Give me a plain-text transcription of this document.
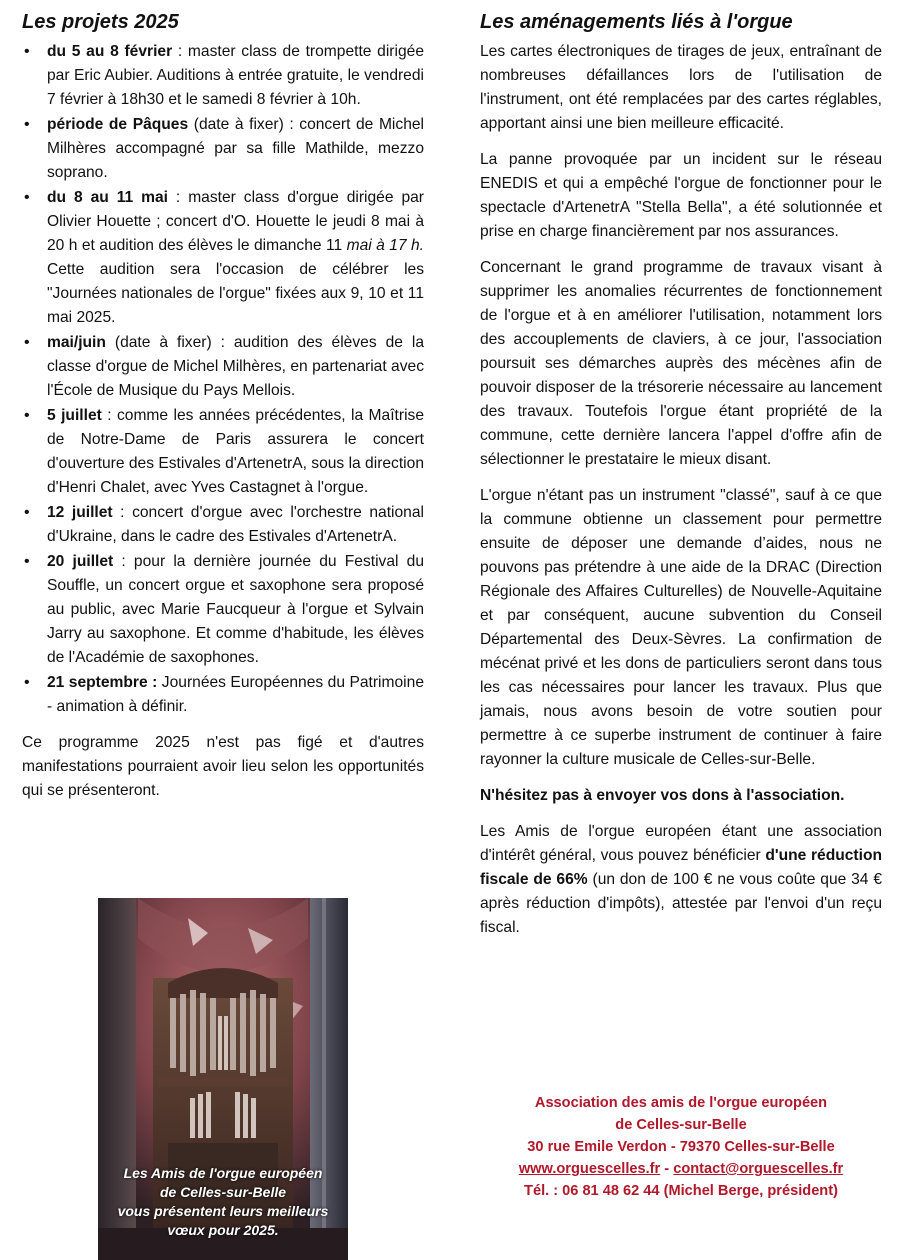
Les projets 2025
• du 5 au 8 février : master class de trompette dirigée par Eric Aubier. Auditions à entrée gratuite, le vendredi 7 février à 18h30 et le samedi 8 février à 10h.
• période de Pâques (date à fixer) : concert de Michel Milhères accompagné par sa fille Mathilde, mezzo soprano.
• du 8 au 11 mai : master class d'orgue dirigée par Olivier Houette ; concert d'O. Houette le jeudi 8 mai à 20 h et audition des élèves le dimanche 11 mai à 17 h. Cette audition sera l'occasion de célébrer les "Journées nationales de l'orgue" fixées aux 9, 10 et 11 mai 2025.
• mai/juin (date à fixer) : audition des élèves de la classe d'orgue de Michel Milhères, en partenariat avec l'École de Musique du Pays Mellois.
• 5 juillet : comme les années précédentes, la Maîtrise de Notre-Dame de Paris assurera le concert d'ouverture des Estivales d'ArtenetrA, sous la direction d'Henri Chalet, avec Yves Castagnet à l'orgue.
• 12 juillet : concert d'orgue avec l'orchestre national d'Ukraine, dans le cadre des Estivales d'ArtenetrA.
• 20 juillet : pour la dernière journée du Festival du Souffle, un concert orgue et saxophone sera proposé au public, avec Marie Faucqueur à l'orgue et Sylvain Jarry au saxophone. Et comme d'habitude, les élèves de l'Académie de saxophones.
• 21 septembre : Journées Européennes du Patrimoine - animation à définir.

Ce programme 2025 n'est pas figé et d'autres manifestations pourraient avoir lieu selon les opportunités qui se présenteront.

Les Amis de l'orgue européen
de Celles-sur-Belle
vous présentent leurs meilleurs
vœux pour 2025.
Les aménagements liés à l'orgue

Les cartes électroniques de tirages de jeux, entraînant de nombreuses défaillances lors de l'utilisation de l'instrument, ont été remplacées par des cartes réglables, apportant ainsi une bien meilleure efficacité.

La panne provoquée par un incident sur le réseau ENEDIS et qui a empêché l'orgue de fonctionner pour le spectacle d'ArtenetrA "Stella Bella", a été solutionnée et prise en charge financièrement par nos assurances.

Concernant le grand programme de travaux visant à supprimer les anomalies récurrentes de fonctionnement de l'orgue et à en améliorer l'utilisation, notamment lors des accouplements de claviers, à ce jour, l'association poursuit ses démarches auprès des mécènes afin de pouvoir disposer de la trésorerie nécessaire au lancement des travaux. Toutefois l'orgue étant propriété de la commune, cette dernière lancera l'appel d'offre afin de sélectionner le prestataire le mieux disant.

L'orgue n'étant pas un instrument "classé", sauf à ce que la commune obtienne un classement pour permettre ensuite de déposer une demande d’aides, nous ne pouvons pas prétendre à une aide de la DRAC (Direction Régionale des Affaires Culturelles) de Nouvelle-Aquitaine et par conséquent, aucune subvention du Conseil Départemental des Deux-Sèvres. La confirmation de mécénat privé et les dons de particuliers seront dans tous les cas nécessaires pour lancer les travaux. Plus que jamais, nous avons besoin de votre soutien pour permettre à ce superbe instrument de continuer à faire rayonner la culture musicale de Celles-sur-Belle.

N'hésitez pas à envoyer vos dons à l'association.

Les Amis de l'orgue européen étant une association d'intérêt général, vous pouvez bénéficier d'une réduction fiscale de 66% (un don de 100 € ne vous coûte que 34 € après réduction d'impôts), attestée par l'envoi d'un reçu fiscal.

Association des amis de l'orgue européen
de Celles-sur-Belle
30 rue Emile Verdon - 79370 Celles-sur-Belle
www.orguescelles.fr - contact@orguescelles.fr
Tél. : 06 81 48 62 44 (Michel Berge, président)
